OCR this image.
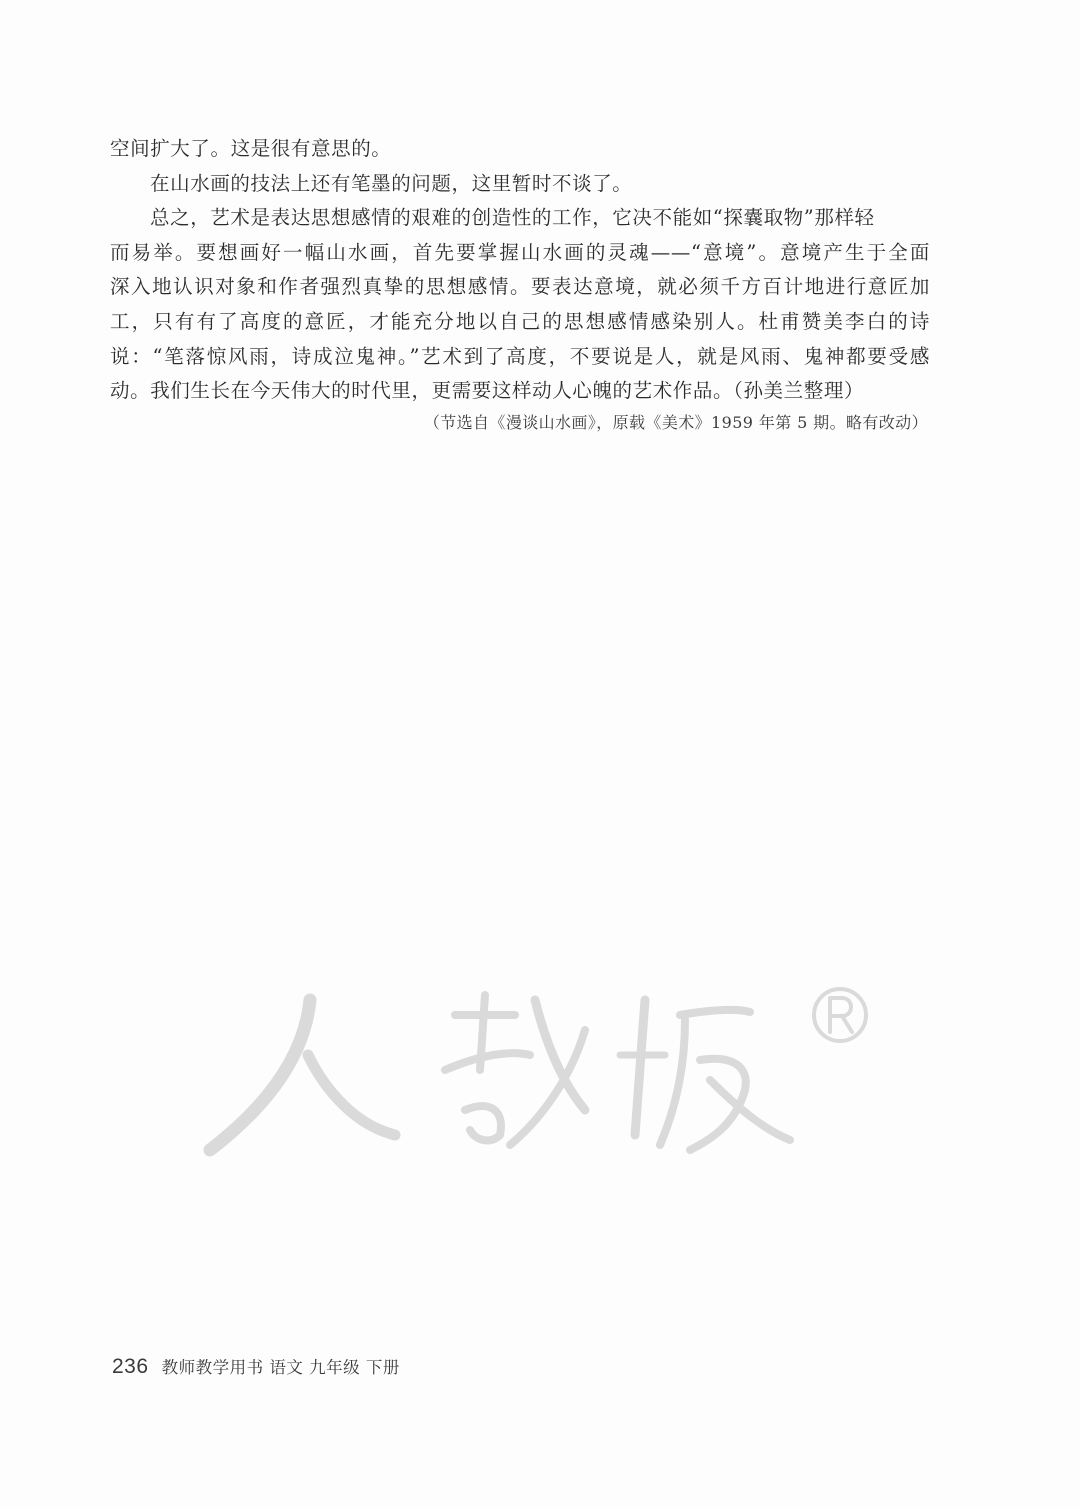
空间扩大了。这是很有意思的。
在山水画的技法上还有笔墨的问题，这里暂时不谈了。
总之，艺术是表达思想感情的艰难的创造性的工作，它决不能如“探囊取物”那样轻
而易举。要想画好一幅山水画，首先要掌握山水画的灵魂——“意境”。意境产生于全面
深入地认识对象和作者强烈真挚的思想感情。要表达意境，就必须千方百计地进行意匠加
工，只有有了高度的意匠，才能充分地以自己的思想感情感染别人。杜甫赞美李白的诗
说：“笔落惊风雨，诗成泣鬼神。”艺术到了高度，不要说是人，就是风雨、鬼神都要受感
动。我们生长在今天伟大的时代里，更需要这样动人心魄的艺术作品。（孙美兰整理）
（节选自《漫谈山水画》，原载《美术》1959 年第 5 期。略有改动）
236 教师教学用书 语文 九年级 下册
